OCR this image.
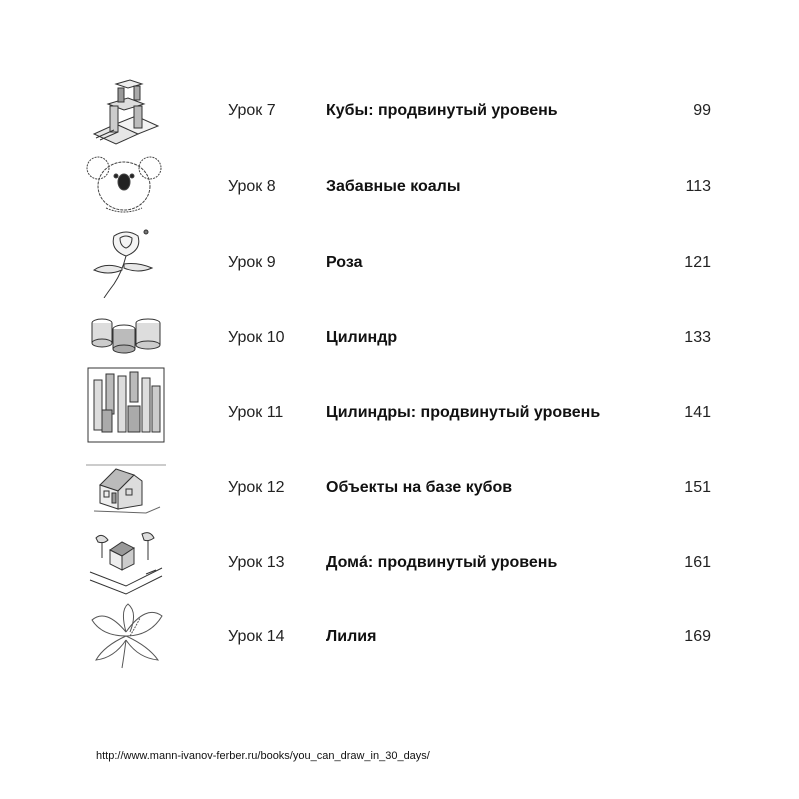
Урок 7	Кубы: продвинутый уровень	99
Урок 8	Забавные коалы	113
Урок 9	Роза	121
Урок 10	Цилиндр	133
Урок 11	Цилиндры: продвинутый уровень	141
Урок 12	Объекты на базе кубов	151
Урок 13	Домá: продвинутый уровень	161
Урок 14	Лилия	169
http://www.mann-ivanov-ferber.ru/books/you_can_draw_in_30_days/
